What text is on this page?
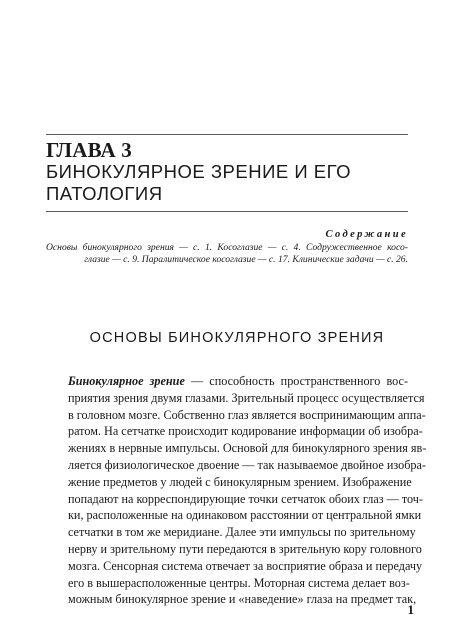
ГЛАВА 3
БИНОКУЛЯРНОЕ ЗРЕНИЕ И ЕГО
ПАТОЛОГИЯ
Содержание
Основы бинокулярного зрения — с. 1. Косоглазие — с. 4. Содружественное косо-
глазие — с. 9. Паралитическое косоглазие — с. 17. Клинические задачи — с. 26.
ОСНОВЫ БИНОКУЛЯРНОГО ЗРЕНИЯ
Бинокулярное зрение — способность пространственного вос-
приятия зрения двумя глазами. Зрительный процесс осуществляется
в головном мозге. Собственно глаз является воспринимающим аппа-
ратом. На сетчатке происходит кодирование информации об изобра-
жениях в нервные импульсы. Основой для бинокулярного зрения яв-
ляется физиологическое двоение — так называемое двойное изобра-
жение предметов у людей с бинокулярным зрением. Изображение
попадают на корреспондирующие точки сетчаток обоих глаз — точ-
ки, расположенные на одинаковом расстоянии от центральной ямки
сетчатки в том же меридиане. Далее эти импульсы по зрительному
нерву и зрительному пути передаются в зрительную кору головного
мозга. Сенсорная система отвечает за восприятие образа и передачу
его в вышерасположенные центры. Моторная система делает воз-
можным бинокулярное зрение и «наведение» глаза на предмет так,
1
